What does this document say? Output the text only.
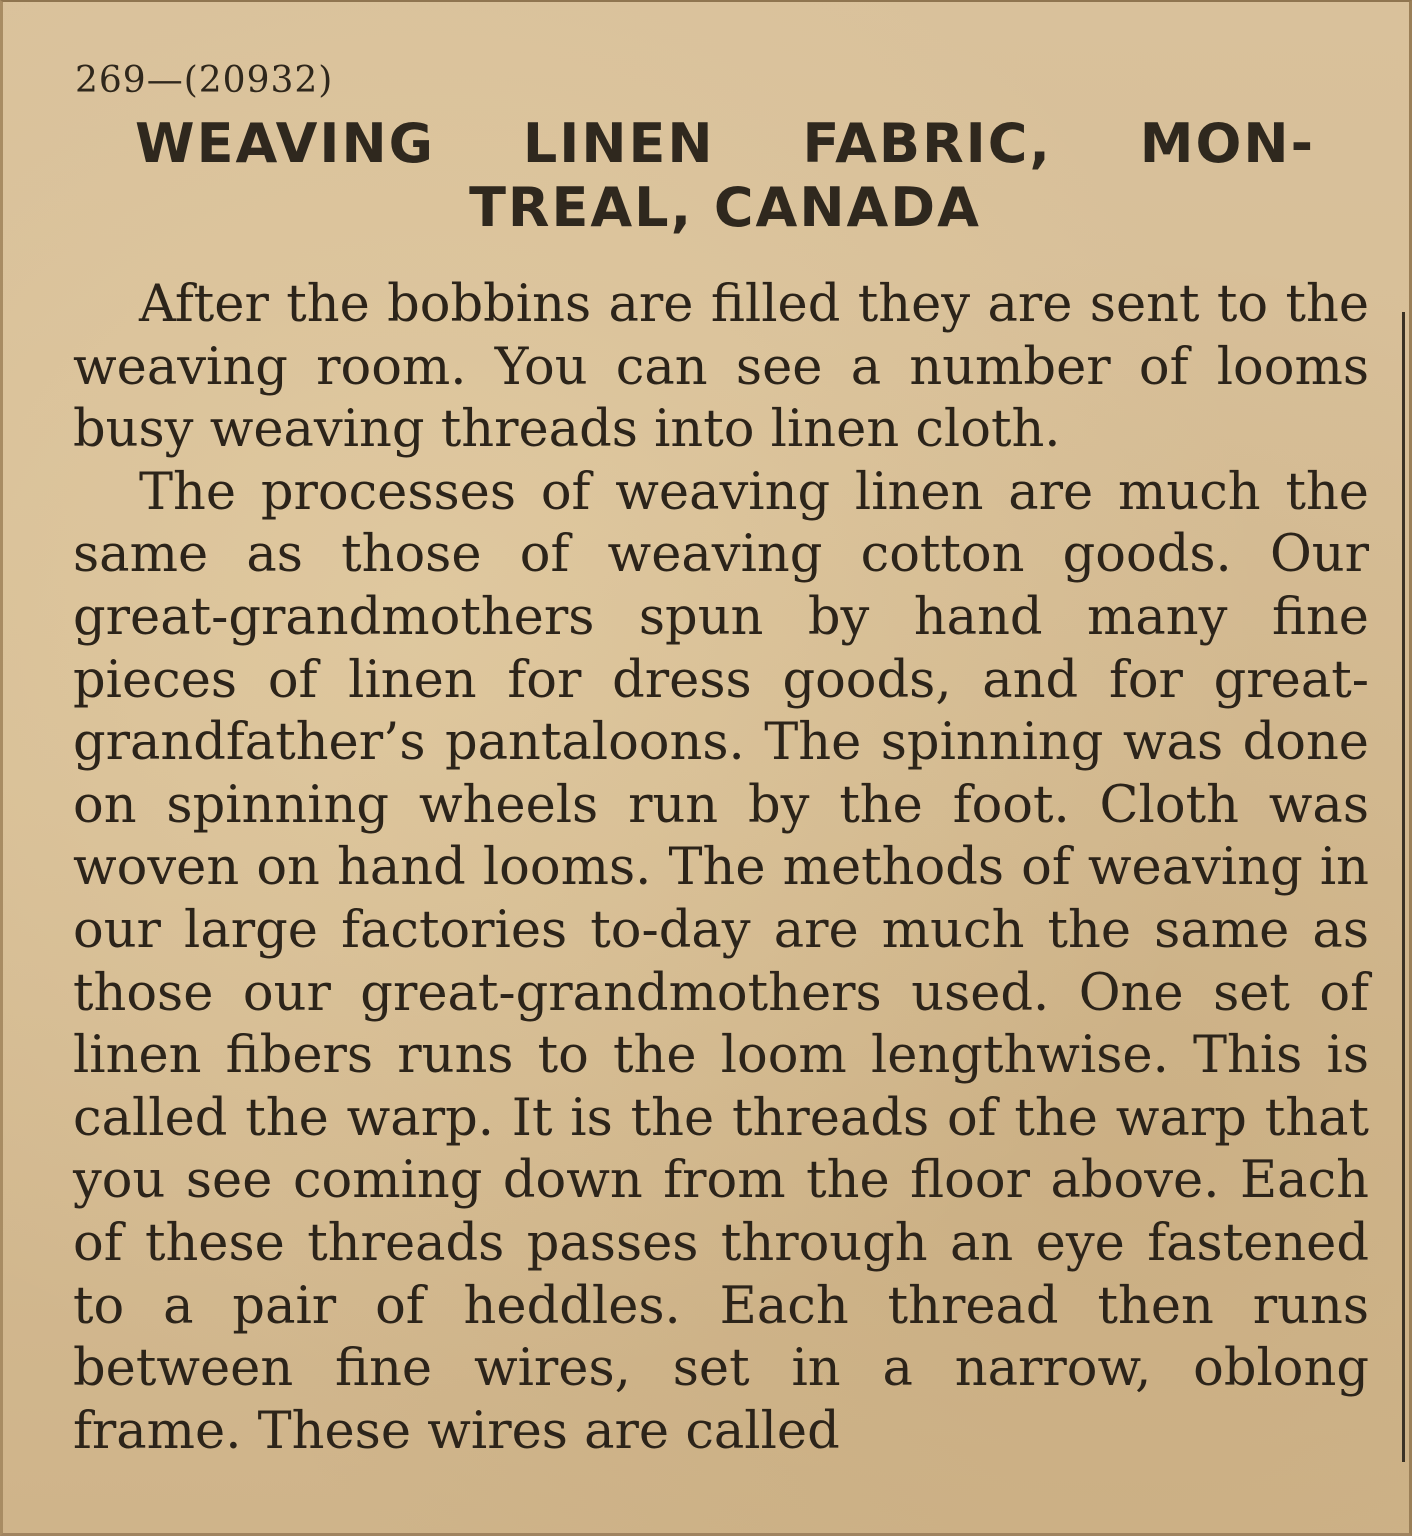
269—(20932)
WEAVING LINEN FABRIC, MON-
TREAL, CANADA

After the bobbins are filled they are sent to the weaving room. You can see a number of looms busy weaving threads into linen cloth.

The processes of weaving linen are much the same as those of weaving cotton goods. Our great-grandmothers spun by hand many fine pieces of linen for dress goods, and for great-grandfather’s pantaloons. The spinning was done on spinning wheels run by the foot. Cloth was woven on hand looms. The methods of weaving in our large factories to-day are much the same as those our great-grandmothers used. One set of linen fibers runs to the loom lengthwise. This is called the warp. It is the threads of the warp that you see coming down from the floor above. Each of these threads passes through an eye fastened to a pair of heddles. Each thread then runs between fine wires, set in a narrow, oblong frame. These wires are called
